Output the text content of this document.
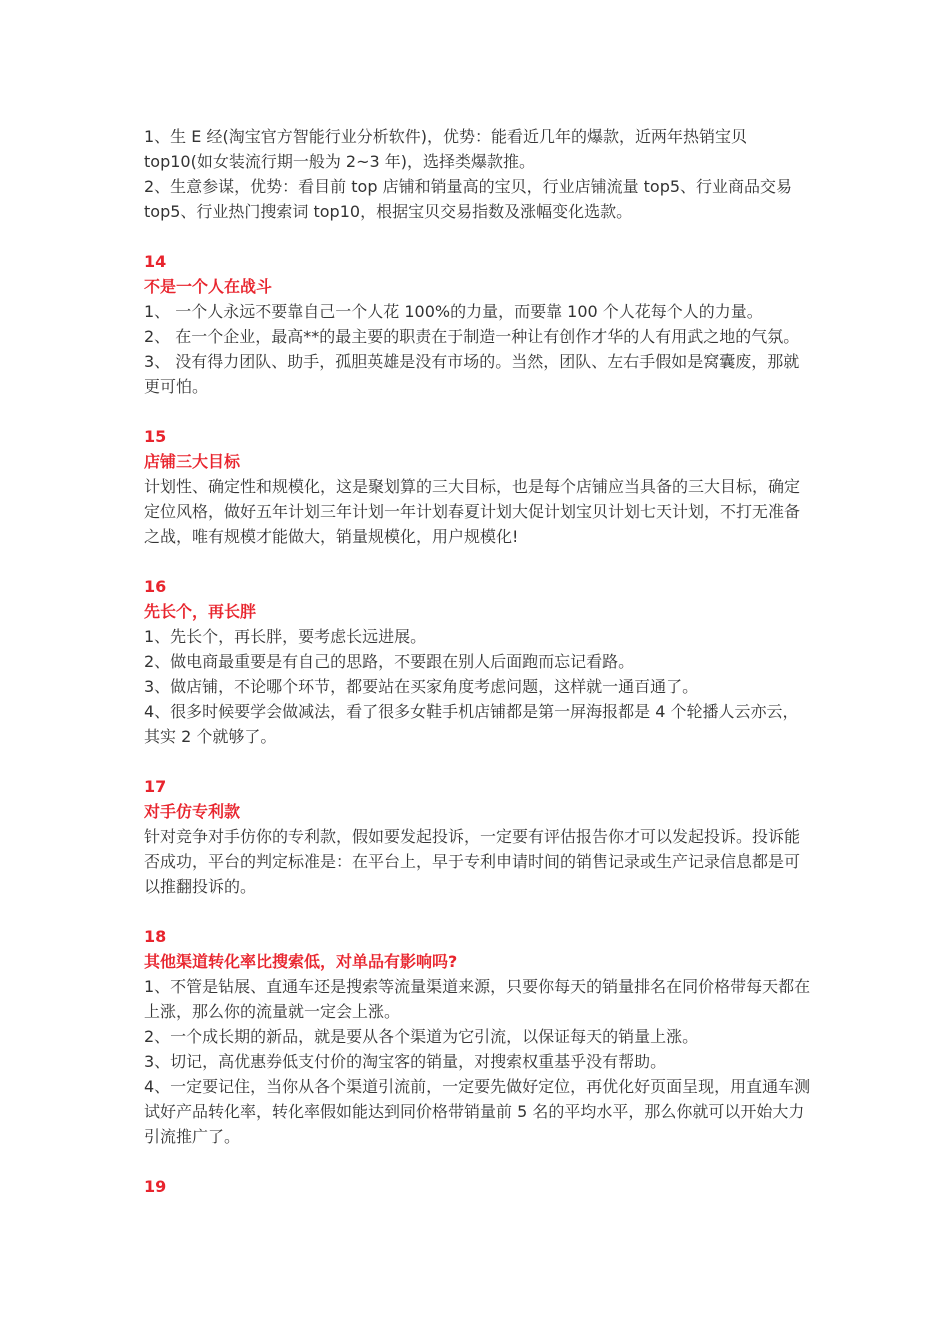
1、生 E 经(淘宝官方智能行业分析软件)，优势：能看近几年的爆款，近两年热销宝贝top10(如女装流行期一般为 2~3 年)，选择类爆款推。

2、生意参谋，优势：看目前 top 店铺和销量高的宝贝，行业店铺流量 top5、行业商品交易 top5、行业热门搜索词 top10，根据宝贝交易指数及涨幅变化选款。

14

不是一个人在战斗

1、 一个人永远不要靠自己一个人花 100%的力量，而要靠 100 个人花每个人的力量。

2、 在一个企业，最高**的最主要的职责在于制造一种让有创作才华的人有用武之地的气氛。

3、 没有得力团队、助手，孤胆英雄是没有市场的。当然，团队、左右手假如是窝囊废，那就更可怕。

15

店铺三大目标

计划性、确定性和规模化，这是聚划算的三大目标，也是每个店铺应当具备的三大目标，确定定位风格，做好五年计划三年计划一年计划春夏计划大促计划宝贝计划七天计划，不打无准备之战，唯有规模才能做大，销量规模化，用户规模化!

16

先长个，再长胖

1、先长个，再长胖，要考虑长远进展。

2、做电商最重要是有自己的思路，不要跟在别人后面跑而忘记看路。

3、做店铺，不论哪个环节，都要站在买家角度考虑问题，这样就一通百通了。

4、很多时候要学会做减法，看了很多女鞋手机店铺都是第一屏海报都是 4 个轮播人云亦云，其实 2 个就够了。

17

对手仿专利款

针对竞争对手仿你的专利款，假如要发起投诉，一定要有评估报告你才可以发起投诉。投诉能否成功，平台的判定标准是：在平台上，早于专利申请时间的销售记录或生产记录信息都是可以推翻投诉的。

18

其他渠道转化率比搜索低，对单品有影响吗?

1、不管是钻展、直通车还是搜索等流量渠道来源，只要你每天的销量排名在同价格带每天都在上涨，那么你的流量就一定会上涨。

2、一个成长期的新品，就是要从各个渠道为它引流，以保证每天的销量上涨。

3、切记，高优惠券低支付价的淘宝客的销量，对搜索权重基乎没有帮助。

4、一定要记住，当你从各个渠道引流前，一定要先做好定位，再优化好页面呈现，用直通车测试好产品转化率，转化率假如能达到同价格带销量前 5 名的平均水平，那么你就可以开始大力引流推广了。

19
